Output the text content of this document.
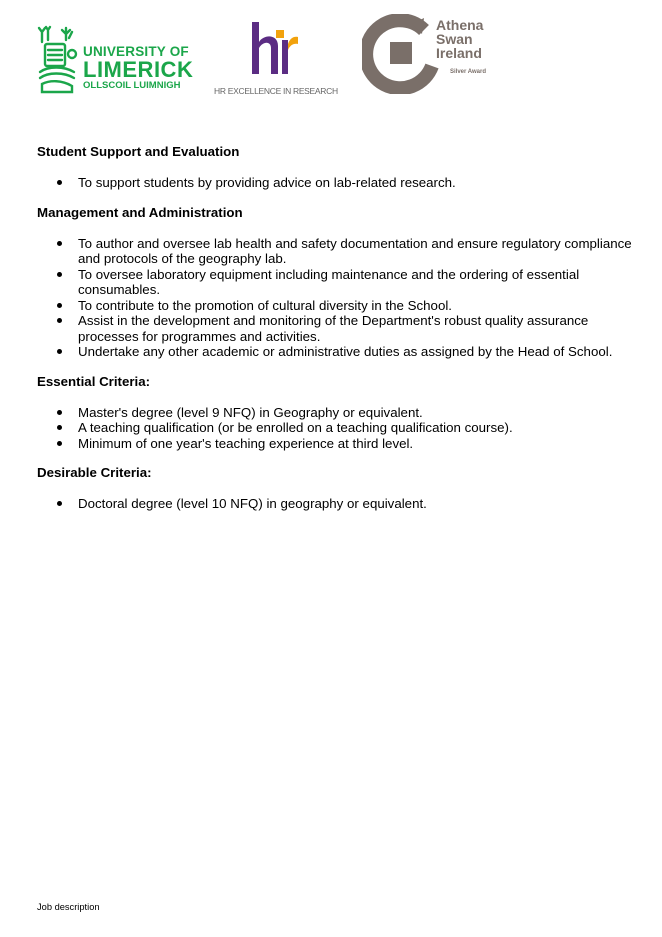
UNIVERSITY OF
LIMERICK
OLLSCOIL LUIMNIGH	HR EXCELLENCE IN RESEARCH
Athena
Swan
Ireland
Silver Award
Student Support and Evaluation
To support students by providing advice on lab-related research.
Management and Administration
To author and oversee lab health and safety documentation and ensure regulatory compliance and protocols of the geography lab.
To oversee laboratory equipment including maintenance and the ordering of essential consumables.
To contribute to the promotion of cultural diversity in the School.
Assist in the development and monitoring of the Department's robust quality assurance processes for programmes and activities.
Undertake any other academic or administrative duties as assigned by the Head of School.
Essential Criteria:
Master's degree (level 9 NFQ) in Geography or equivalent.
A teaching qualification (or be enrolled on a teaching qualification course).
Minimum of one year's teaching experience at third level.
Desirable Criteria:
Doctoral degree (level 10 NFQ) in geography or equivalent.
Job description
